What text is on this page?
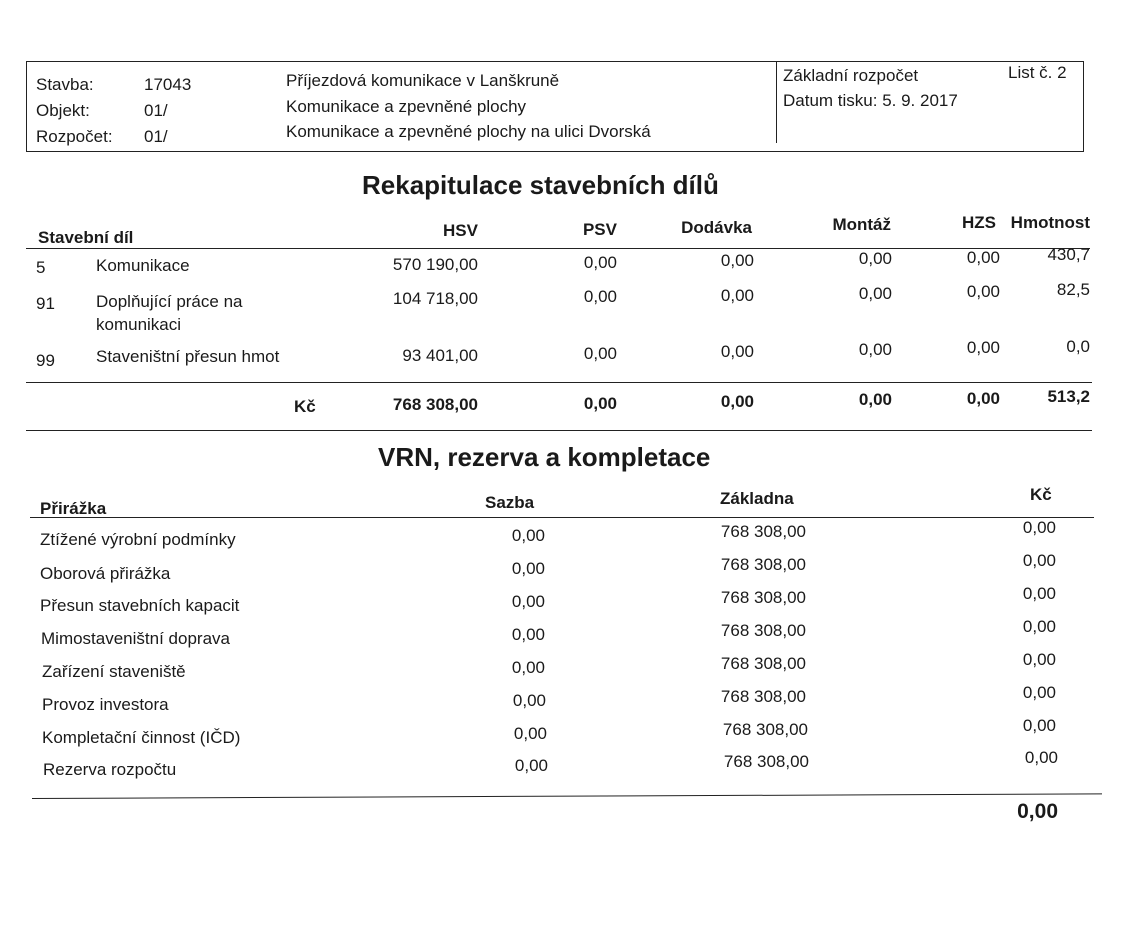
Stavba:	17043	Příjezdová komunikace v Lanškruně
Objekt:	01/	Komunikace a zpevněné plochy
Rozpočet: 01/	Komunikace a zpevněné plochy na ulici Dvorská
Základní rozpočet	List č. 2
Datum tisku: 5. 9. 2017
Rekapitulace stavebních dílů
Stavební díl	HSV	PSV	Dodávka	Montáž	HZS Hmotnost
5	Komunikace	570 190,00	0,00	0,00	0,00	0,00	430,7
91 Doplňující práce na
komunikaci
104 718,00	0,00	0,00	0,00	0,00	82,5
99 Staveništní přesun hmot	93 401,00	0,00	0,00	0,00	0,00	0,0
Kč	768 308,00	0,00	0,00	0,00	0,00	513,2
VRN, rezerva a kompletace
Přirážka	Sazba	Základna	Kč
Ztížené výrobní podmínky	0,00	768 308,00	0,00
Oborová přirážka	0,00	768 308,00	0,00
Přesun stavebních kapacit	0,00	768 308,00	0,00
Mimostaveništní doprava	0,00	768 308,00	0,00
Zařízení staveniště	0,00	768 308,00	0,00
Provoz investora	0,00	768 308,00	0,00
Kompletační činnost (IČD)	0,00	768 308,00	0,00
Rezerva rozpočtu	0,00	768 308,00	0,00
0,00
